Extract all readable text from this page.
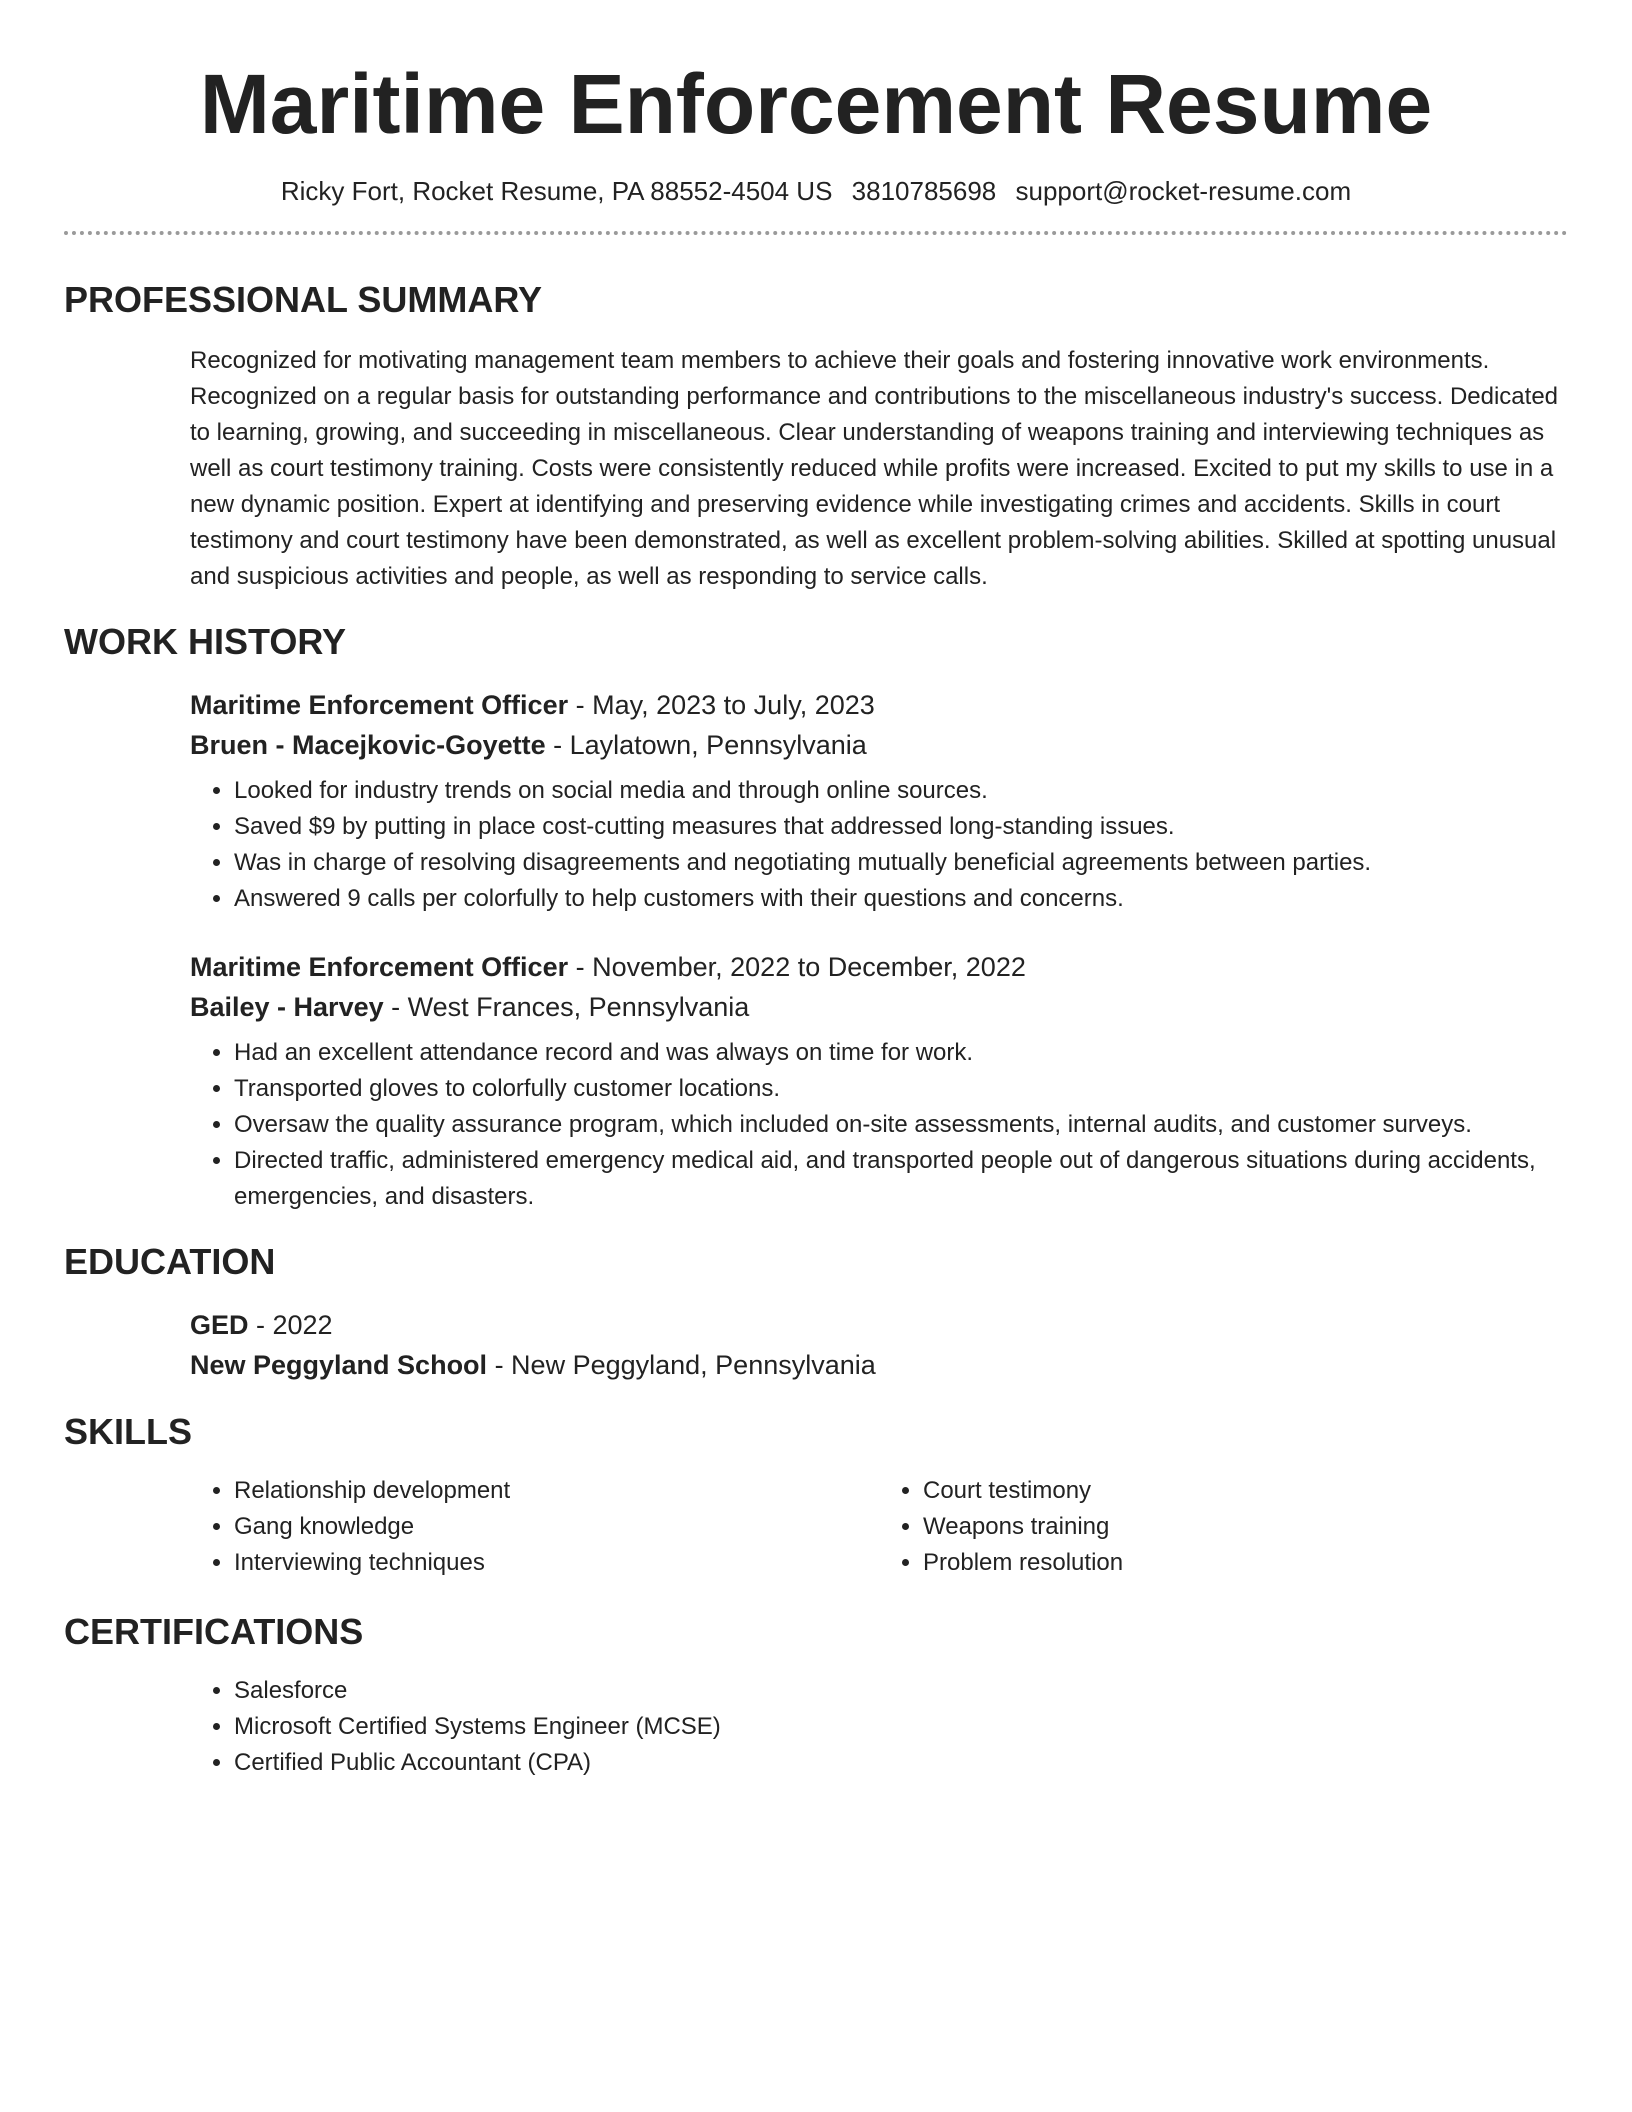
Maritime Enforcement Resume
Ricky Fort, Rocket Resume, PA 88552-4504 US 3810785698 support@rocket-resume.com
PROFESSIONAL SUMMARY

Recognized for motivating management team members to achieve their goals and fostering innovative work environments. Recognized on a regular basis for outstanding performance and contributions to the miscellaneous industry's success. Dedicated to learning, growing, and succeeding in miscellaneous. Clear understanding of weapons training and interviewing techniques as well as court testimony training. Costs were consistently reduced while profits were increased. Excited to put my skills to use in a new dynamic position. Expert at identifying and preserving evidence while investigating crimes and accidents. Skills in court testimony and court testimony have been demonstrated, as well as excellent problem-solving abilities. Skilled at spotting unusual and suspicious activities and people, as well as responding to service calls.

WORK HISTORY
Maritime Enforcement Officer - May, 2023 to July, 2023
Bruen - Macejkovic-Goyette - Laylatown, Pennsylvania
• Looked for industry trends on social media and through online sources.
• Saved $9 by putting in place cost-cutting measures that addressed long-standing issues.
• Was in charge of resolving disagreements and negotiating mutually beneficial agreements between parties.
• Answered 9 calls per colorfully to help customers with their questions and concerns.
Maritime Enforcement Officer - November, 2022 to December, 2022
Bailey - Harvey - West Frances, Pennsylvania
• Had an excellent attendance record and was always on time for work.
• Transported gloves to colorfully customer locations.
• Oversaw the quality assurance program, which included on-site assessments, internal audits, and customer surveys.
• Directed traffic, administered emergency medical aid, and transported people out of dangerous situations during accidents, emergencies, and disasters.
EDUCATION
GED - 2022
New Peggyland School - New Peggyland, Pennsylvania
SKILLS
• Relationship development
• Gang knowledge
• Interviewing techniques
• Court testimony
• Weapons training
• Problem resolution
CERTIFICATIONS
• Salesforce
• Microsoft Certified Systems Engineer (MCSE)
• Certified Public Accountant (CPA)
